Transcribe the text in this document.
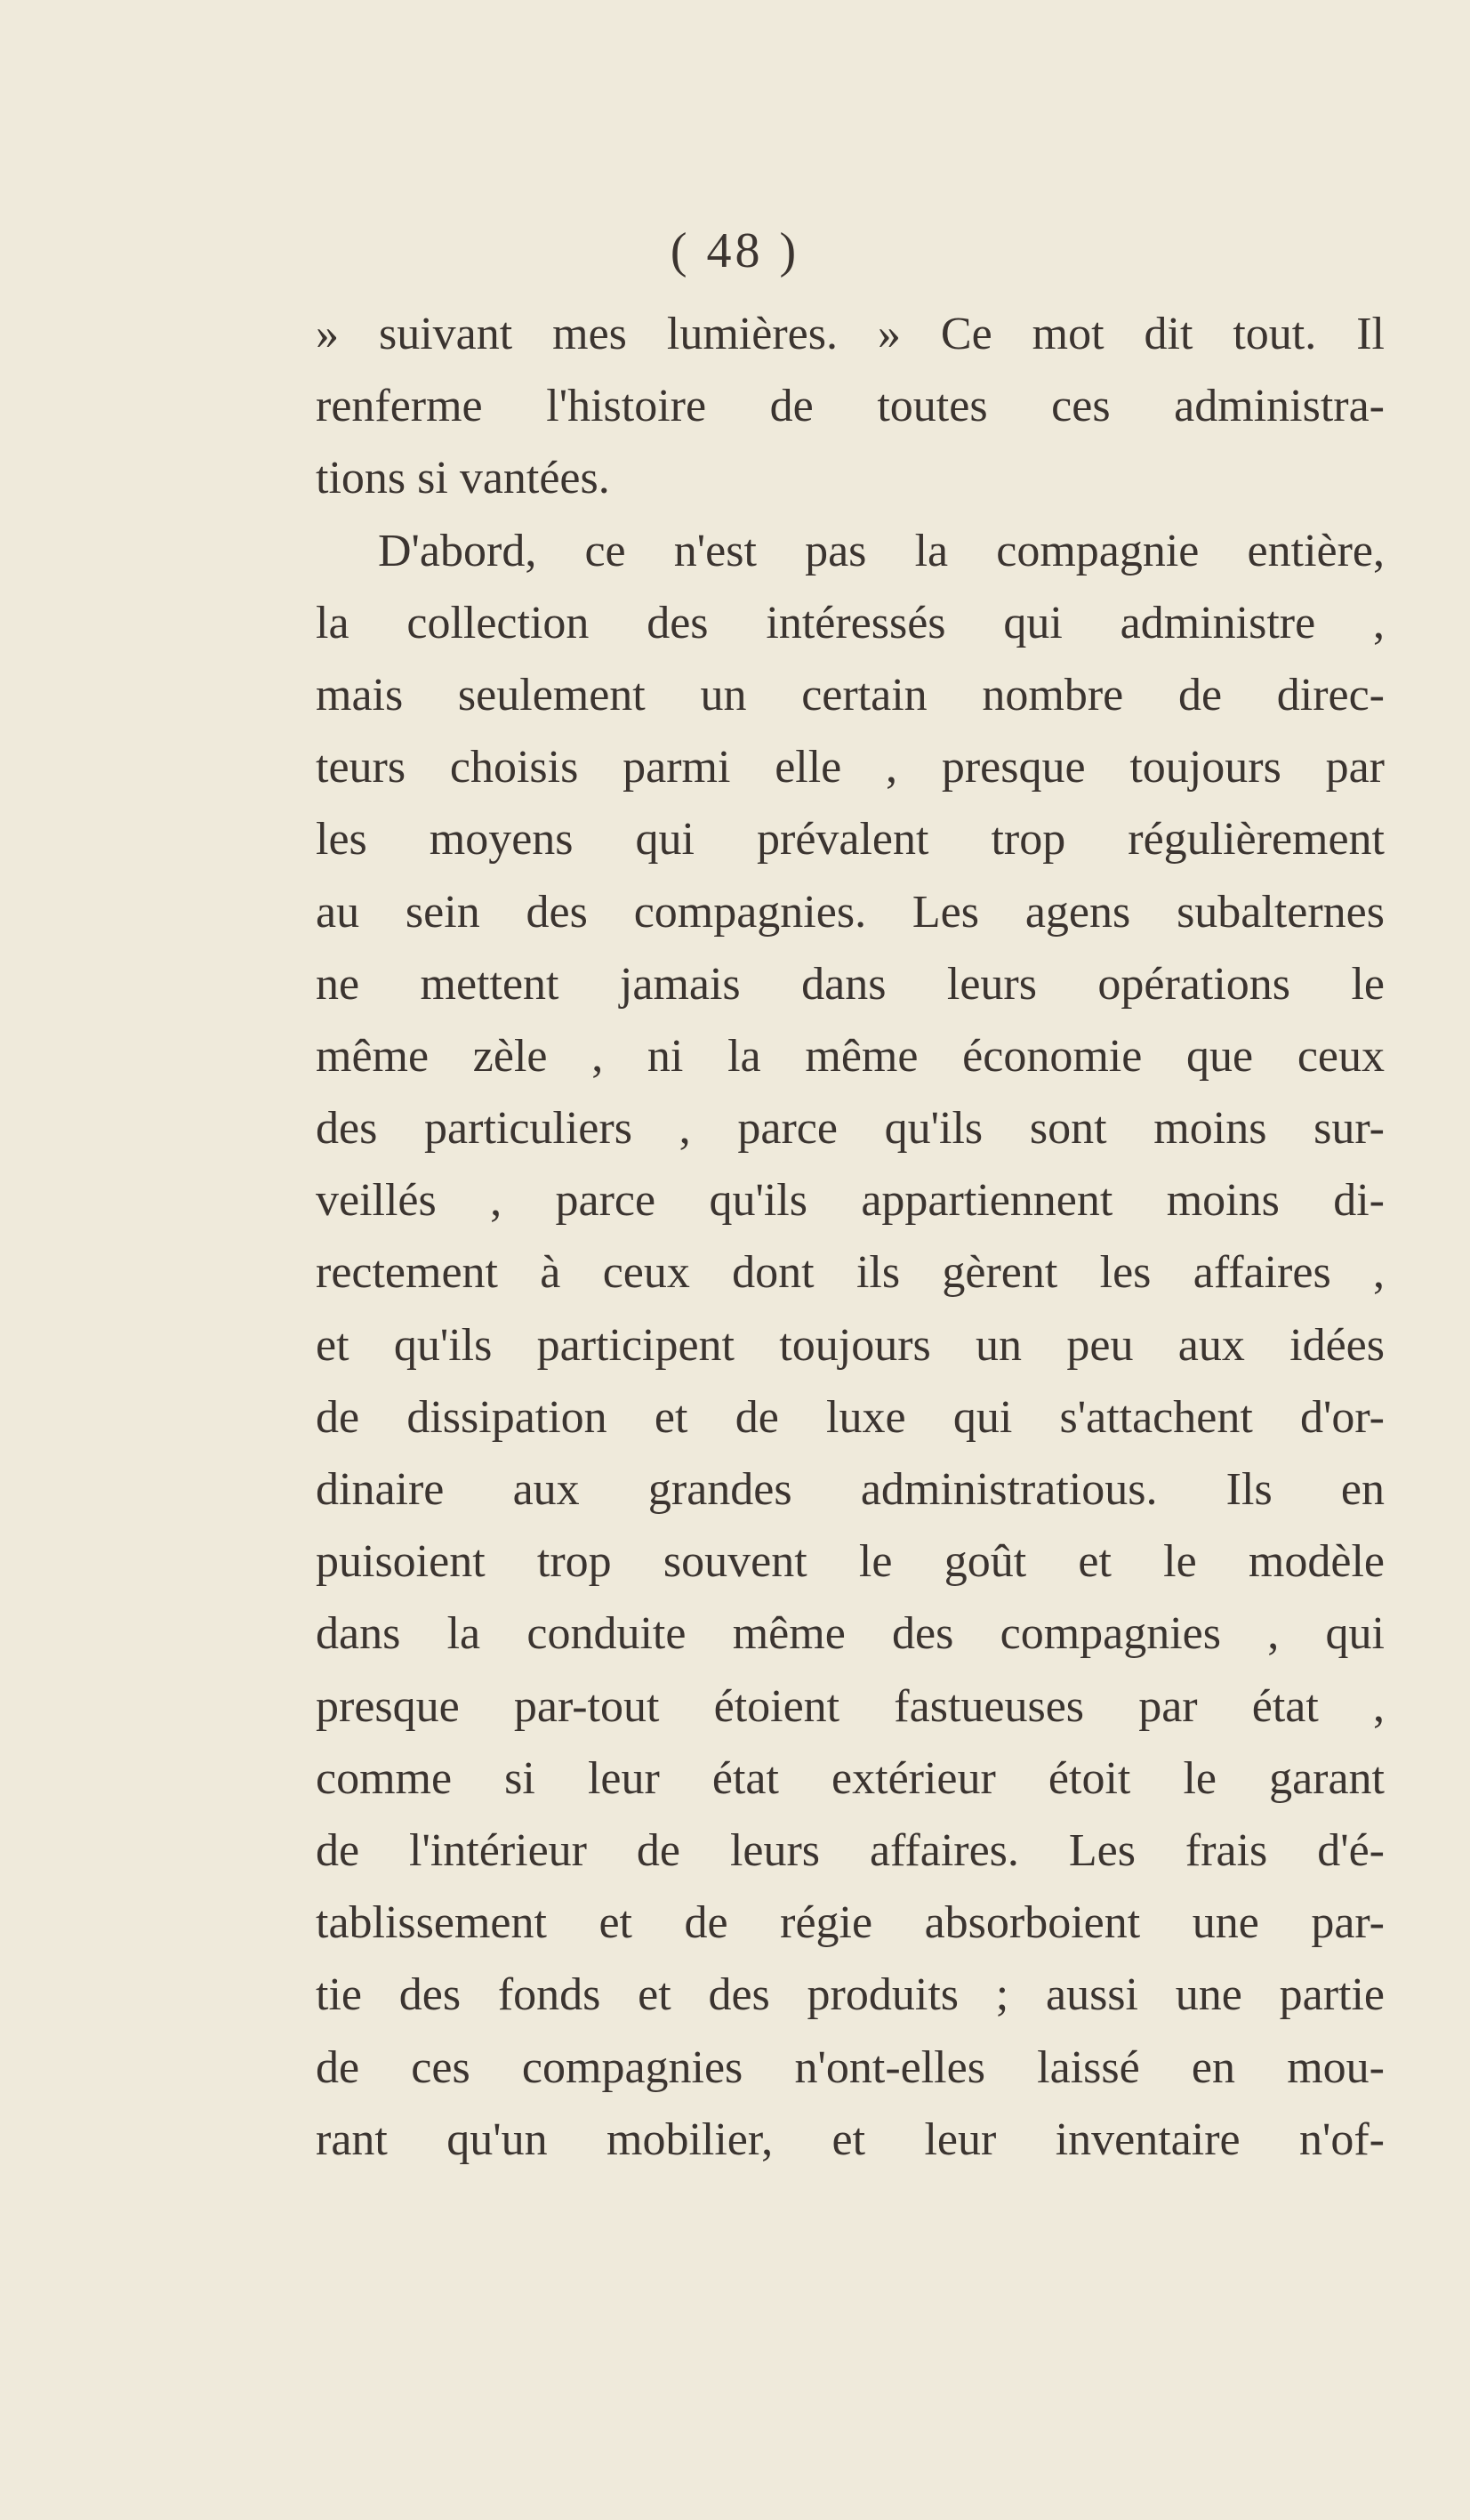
( 48 )
» suivant mes lumières. » Ce mot dit tout. Il
renferme l'histoire de toutes ces administra-
tions si vantées.
D'abord, ce n'est pas la compagnie entière,
la collection des intéressés qui administre ,
mais seulement un certain nombre de direc-
teurs choisis parmi elle , presque toujours par
les moyens qui prévalent trop régulièrement
au sein des compagnies. Les agens subalternes
ne mettent jamais dans leurs opérations le
même zèle , ni la même économie que ceux
des particuliers , parce qu'ils sont moins sur-
veillés , parce qu'ils appartiennent moins di-
rectement à ceux dont ils gèrent les affaires ,
et qu'ils participent toujours un peu aux idées
de dissipation et de luxe qui s'attachent d'or-
dinaire aux grandes administratious. Ils en
puisoient trop souvent le goût et le modèle
dans la conduite même des compagnies , qui
presque par-tout étoient fastueuses par état ,
comme si leur état extérieur étoit le garant
de l'intérieur de leurs affaires. Les frais d'é-
tablissement et de régie absorboient une par-
tie des fonds et des produits ; aussi une partie
de ces compagnies n'ont-elles laissé en mou-
rant qu'un mobilier, et leur inventaire n'of-
